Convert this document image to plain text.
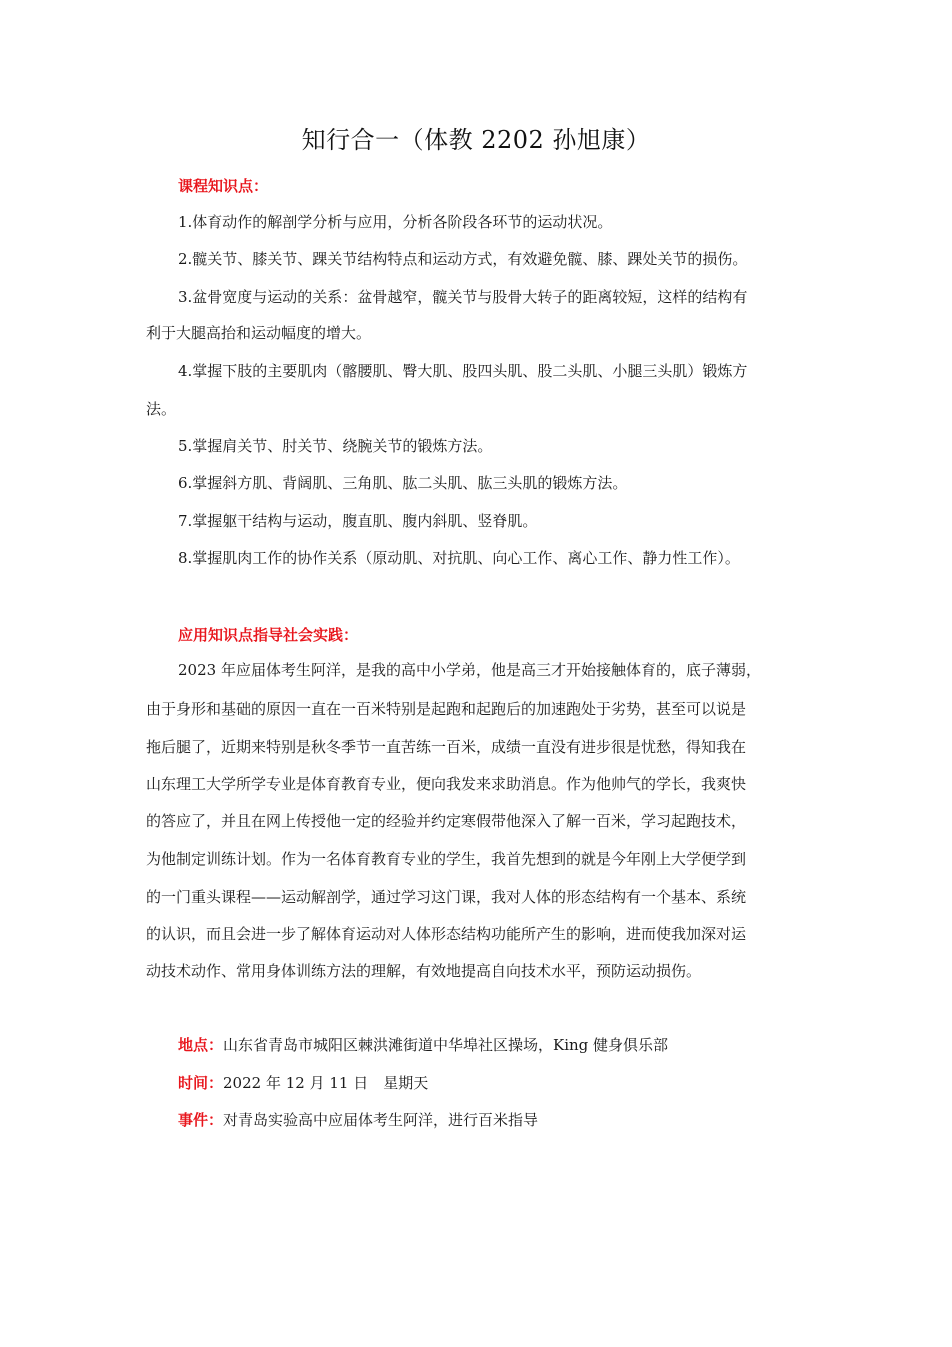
知行合一（体教 2202 孙旭康）
课程知识点：
1.体育动作的解剖学分析与应用，分析各阶段各环节的运动状况。
2.髋关节、膝关节、踝关节结构特点和运动方式，有效避免髋、膝、踝处关节的损伤。
3.盆骨宽度与运动的关系：盆骨越窄，髋关节与股骨大转子的距离较短，这样的结构有
利于大腿高抬和运动幅度的增大。
4.掌握下肢的主要肌肉（髂腰肌、臀大肌、股四头肌、股二头肌、小腿三头肌）锻炼方
法。
5.掌握肩关节、肘关节、绕腕关节的锻炼方法。
6.掌握斜方肌、背阔肌、三角肌、肱二头肌、肱三头肌的锻炼方法。
7.掌握躯干结构与运动，腹直肌、腹内斜肌、竖脊肌。
8.掌握肌肉工作的协作关系（原动肌、对抗肌、向心工作、离心工作、静力性工作）。
应用知识点指导社会实践：
2023 年应届体考生阿洋，是我的高中小学弟，他是高三才开始接触体育的，底子薄弱，
由于身形和基础的原因一直在一百米特别是起跑和起跑后的加速跑处于劣势，甚至可以说是
拖后腿了，近期来特别是秋冬季节一直苦练一百米，成绩一直没有进步很是忧愁，得知我在
山东理工大学所学专业是体育教育专业，便向我发来求助消息。作为他帅气的学长，我爽快
的答应了，并且在网上传授他一定的经验并约定寒假带他深入了解一百米，学习起跑技术，
为他制定训练计划。作为一名体育教育专业的学生，我首先想到的就是今年刚上大学便学到
的一门重头课程——运动解剖学，通过学习这门课，我对人体的形态结构有一个基本、系统
的认识，而且会进一步了解体育运动对人体形态结构功能所产生的影响，进而使我加深对运
动技术动作、常用身体训练方法的理解，有效地提高自向技术水平，预防运动损伤。
地点：山东省青岛市城阳区棘洪滩街道中华埠社区操场，King 健身俱乐部
时间：2022 年 12 月 11 日　星期天
事件：对青岛实验高中应届体考生阿洋，进行百米指导
